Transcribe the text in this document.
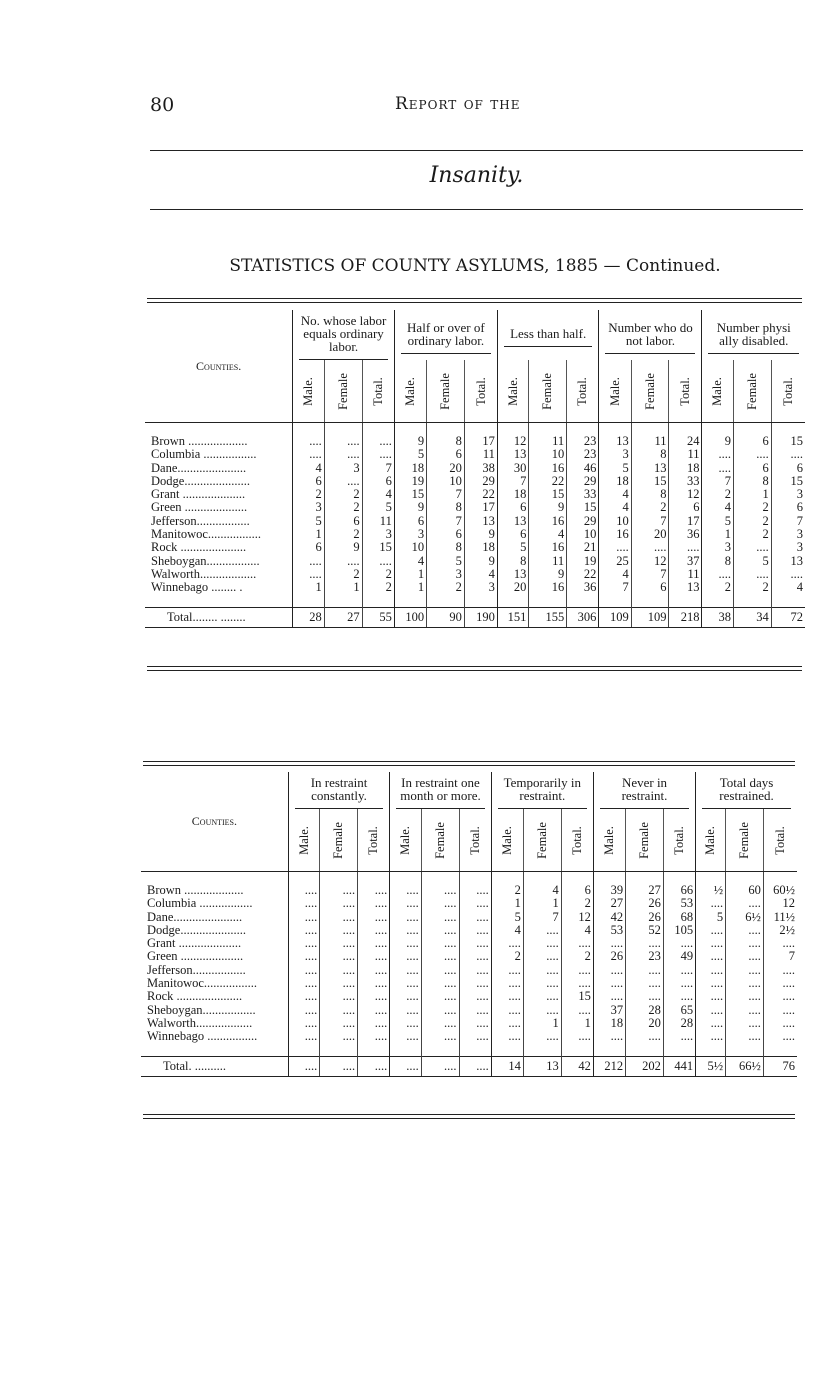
80	Report of the
Insanity.
STATISTICS OF COUNTY ASYLUMS, 1885 — Continued.
Counties.	No. whose labor equals ordinary labor.			Half or over of ordinary labor.			Less than half.			Number who do not labor.			Number physi ally disabled.		

	Male.	Female	Total.	Male.	Female	Total.	Male.	Female	Total.	Male.	Female	Total.	Male.	Female	Total.

Brown ...................	....	....	....	9	8	17	12	11	23	13	11	24	9	6	15
Columbia .................	....	....	....	5	6	11	13	10	23	3	8	11	....	....	....
Dane......................	4	3	7	18	20	38	30	16	46	5	13	18	....	6	6
Dodge.....................	6	....	6	19	10	29	7	22	29	18	15	33	7	8	15
Grant ....................	2	2	4	15	7	22	18	15	33	4	8	12	2	1	3
Green ....................	3	2	5	9	8	17	6	9	15	4	2	6	4	2	6
Jefferson.................	5	6	11	6	7	13	13	16	29	10	7	17	5	2	7
Manitowoc.................	1	2	3	3	6	9	6	4	10	16	20	36	1	2	3
Rock .....................	6	9	15	10	8	18	5	16	21	....	....	....	3	....	3
Sheboygan.................	....	....	....	4	5	9	8	11	19	25	12	37	8	5	13
Walworth..................	....	2	2	1	3	4	13	9	22	4	7	11	....	....	....
Winnebago ........ .	1	1	2	1	2	3	20	16	36	7	6	13	2	2	4

Total........ ........	28	27	55	100	90	190	151	155	306	109	109	218	38	34	72
Counties.	In restraint constantly.			In restraint one month or more.			Temporarily in restraint.			Never in restraint.			Total days restrained.		

	Male.	Female	Total.	Male.	Female	Total.	Male.	Female	Total.	Male.	Female	Total.	Male.	Female	Total.

Brown ...................	....	....	....	....	....	....	2	4	6	39	27	66	½	60	60½
Columbia .................	....	....	....	....	....	....	1	1	2	27	26	53	....	....	12
Dane......................	....	....	....	....	....	....	5	7	12	42	26	68	5	6½	11½
Dodge.....................	....	....	....	....	....	....	4	....	4	53	52	105	....	....	2½
Grant ....................	....	....	....	....	....	....	....	....	....	....	....	....	....	....	....
Green ....................	....	....	....	....	....	....	2	....	2	26	23	49	....	....	7
Jefferson.................	....	....	....	....	....	....	....	....	....	....	....	....	....	....	....
Manitowoc.................	....	....	....	....	....	....	....	....	....	....	....	....	....	....	....
Rock .....................	....	....	....	....	....	....	....	....	15	....	....	....	....	....	....
Sheboygan.................	....	....	....	....	....	....	....	....	....	37	28	65	....	....	....
Walworth..................	....	....	....	....	....	....	....	1	1	18	20	28	....	....	....
Winnebago ................	....	....	....	....	....	....	....	....	....	....	....	....	....	....	....

Total. ..........	....	....	....	....	....	....	14	13	42	212	202	441	5½	66½	76
